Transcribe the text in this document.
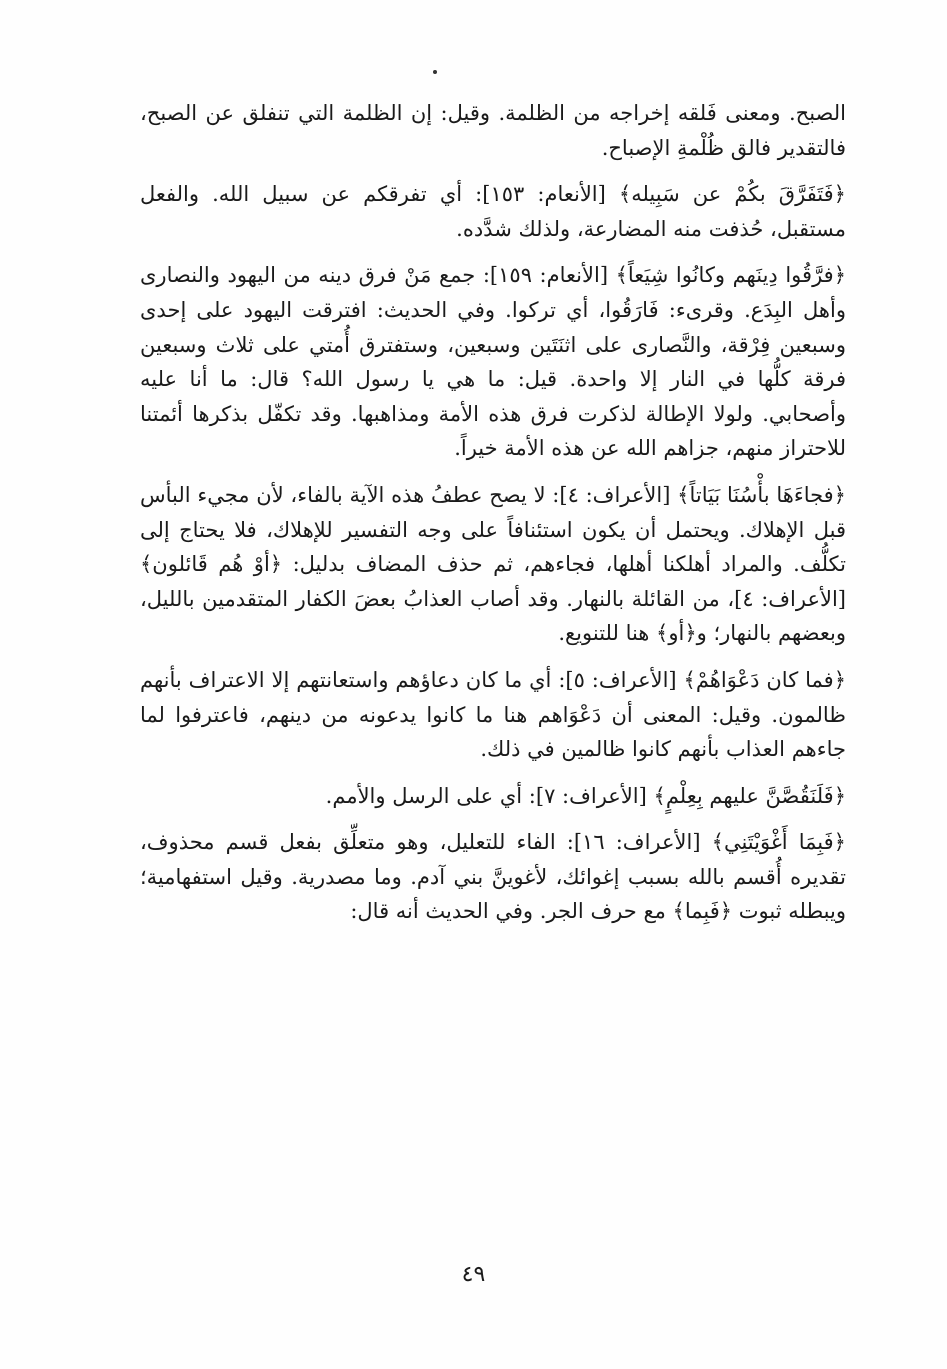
الصبح. ومعنى فَلقه إخراجه من الظلمة. وقيل: إن الظلمة التي تنفلق عن الصبح، فالتقدير فالق ظُلْمةِ الإصباح.

﴿فَتَفَرَّقَ بكُمْ عن سَبِيله﴾ [الأنعام: ١٥٣]: أي تفرقكم عن سبيل الله. والفعل مستقبل، حُذفت منه المضارعة، ولذلك شدَّده.

﴿فرَّقُوا دِينَهم وكانُوا شِيَعاً﴾ [الأنعام: ١٥٩]: جمع مَنْ فرق دينه من اليهود والنصارى وأهل البِدَع. وقرىء: فَارَقُوا، أي تركوا. وفي الحديث: افترقت اليهود على إحدى وسبعين فِرْقة، والنَّصارى على اثنَتَين وسبعين، وستفترق أُمتي على ثلاث وسبعين فرقة كلُّها في النار إلا واحدة. قيل: ما هي يا رسول الله؟ قال: ما أنا عليه وأصحابي. ولولا الإطالة لذكرت فرق هذه الأمة ومذاهبها. وقد تكفّل بذكرها أئمتنا للاحتراز منهم، جزاهم الله عن هذه الأمة خيراً.

﴿فجاءَهَا بأْسُنَا بَيَاتاً﴾ [الأعراف: ٤]: لا يصح عطفُ هذه الآية بالفاء، لأن مجيء البأس قبل الإهلاك. ويحتمل أن يكون استئنافاً على وجه التفسير للإهلاك، فلا يحتاج إلى تكلُّف. والمراد أهلكنا أهلها، فجاءهم، ثم حذف المضاف بدليل: ﴿أوْ هُم قَائلون﴾ [الأعراف: ٤]، من القائلة بالنهار. وقد أصاب العذابُ بعضَ الكفار المتقدمين بالليل، وبعضهم بالنهار؛ و﴿أو﴾ هنا للتنويع.

﴿فما كان دَعْوَاهُمْ﴾ [الأعراف: ٥]: أي ما كان دعاؤهم واستعانتهم إلا الاعتراف بأنهم ظالمون. وقيل: المعنى أن دَعْوَاهم هنا ما كانوا يدعونه من دينهم، فاعترفوا لما جاءهم العذاب بأنهم كانوا ظالمين في ذلك.

﴿فَلَنَقُصَّنَّ عليهم بِعِلْمٍ﴾ [الأعراف: ٧]: أي على الرسل والأمم.

﴿فَبِمَا أَغْوَيْتَنِي﴾ [الأعراف: ١٦]: الفاء للتعليل، وهو متعلِّق بفعل قسم محذوف، تقديره أُقسم بالله بسبب إغوائك، لأغوينَّ بني آدم. وما مصدرية. وقيل استفهامية؛ ويبطله ثبوت ﴿فَبِما﴾ مع حرف الجر. وفي الحديث أنه قال:

٤٩
